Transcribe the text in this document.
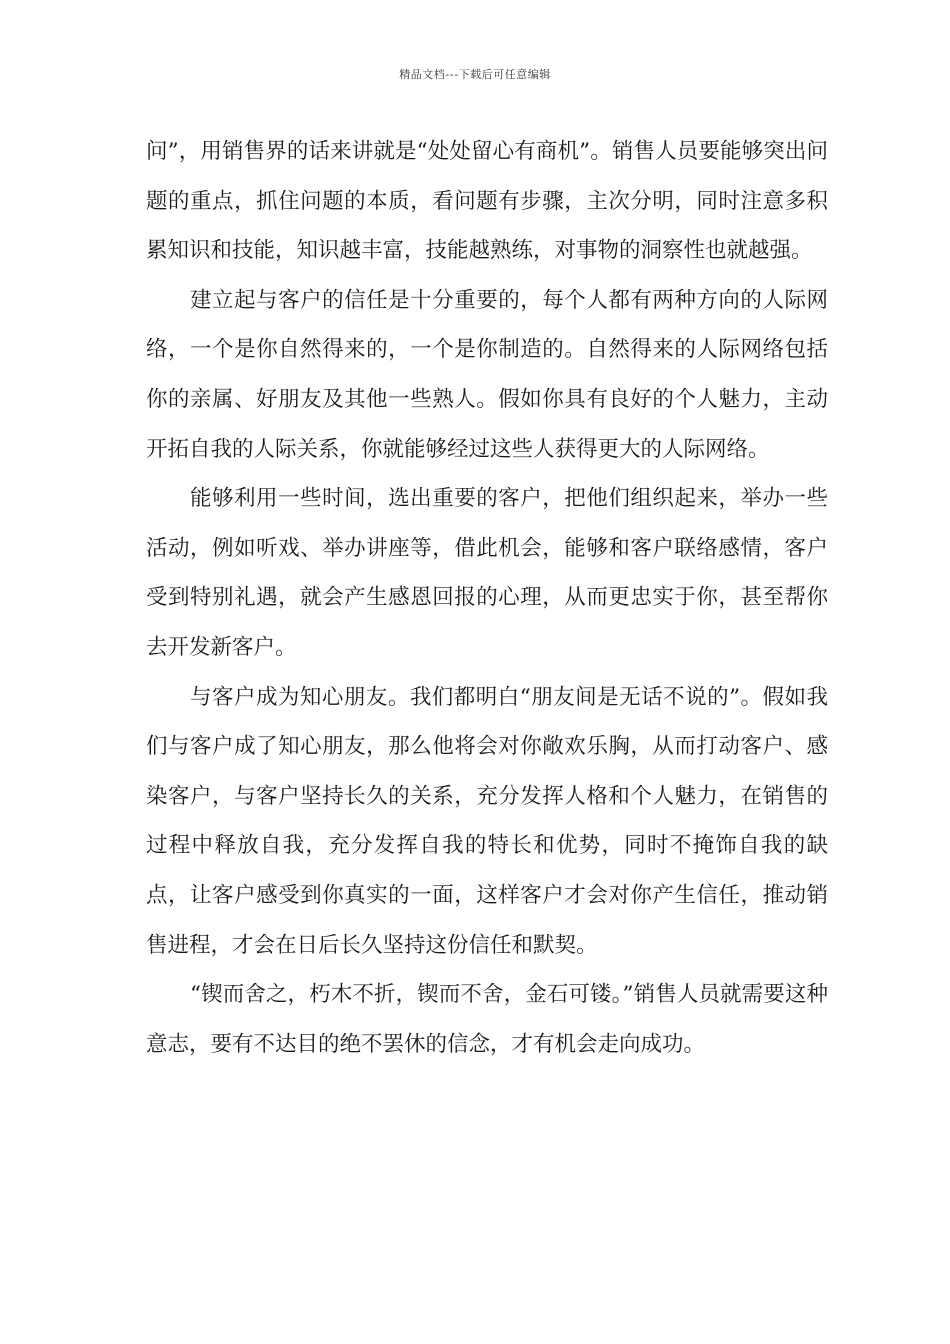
精品文档---下载后可任意编辑

问”，用销售界的话来讲就是“处处留心有商机”。销售人员要能够突出问题的重点，抓住问题的本质，看问题有步骤，主次分明，同时注意多积累知识和技能，知识越丰富，技能越熟练，对事物的洞察性也就越强。

建立起与客户的信任是十分重要的，每个人都有两种方向的人际网络，一个是你自然得来的，一个是你制造的。自然得来的人际网络包括你的亲属、好朋友及其他一些熟人。假如你具有良好的个人魅力，主动开拓自我的人际关系，你就能够经过这些人获得更大的人际网络。

能够利用一些时间，选出重要的客户，把他们组织起来，举办一些活动，例如听戏、举办讲座等，借此机会，能够和客户联络感情，客户受到特别礼遇，就会产生感恩回报的心理，从而更忠实于你，甚至帮你去开发新客户。

与客户成为知心朋友。我们都明白“朋友间是无话不说的”。假如我们与客户成了知心朋友，那么他将会对你敞欢乐胸，从而打动客户、感染客户，与客户坚持长久的关系，充分发挥人格和个人魅力，在销售的过程中释放自我，充分发挥自我的特长和优势，同时不掩饰自我的缺点，让客户感受到你真实的一面，这样客户才会对你产生信任，推动销售进程，才会在日后长久坚持这份信任和默契。

“锲而舍之，朽木不折，锲而不舍，金石可镂。”销售人员就需要这种意志，要有不达目的绝不罢休的信念，才有机会走向成功。
